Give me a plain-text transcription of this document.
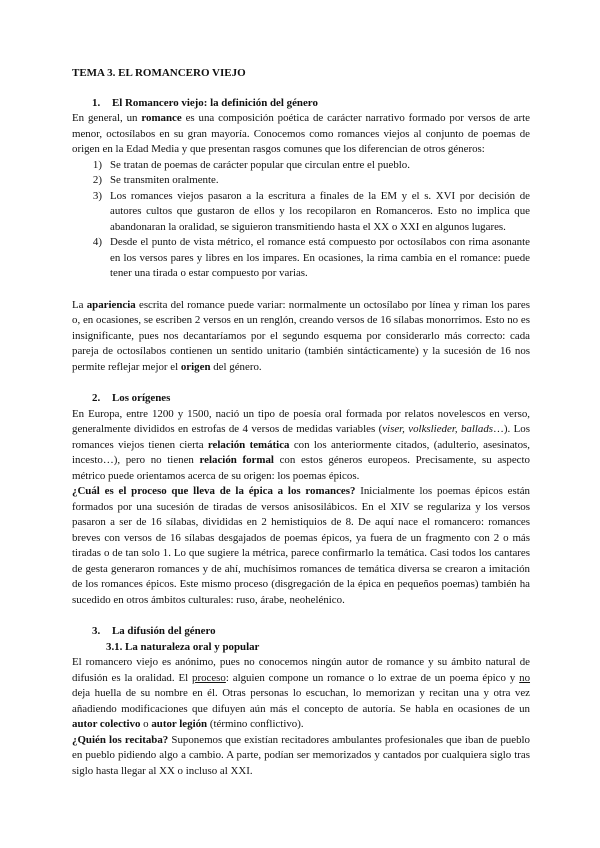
TEMA 3. EL ROMANCERO VIEJO
1. El Romancero viejo: la definición del género

En general, un romance es una composición poética de carácter narrativo formado por versos de arte menor, octosílabos en su gran mayoría. Conocemos como romances viejos al conjunto de poemas de origen en la Edad Media y que presentan rasgos comunes que los diferencian de otros géneros:

1) Se tratan de poemas de carácter popular que circulan entre el pueblo.
2) Se transmiten oralmente.
3) Los romances viejos pasaron a la escritura a finales de la EM y el s. XVI por decisión de autores cultos que gustaron de ellos y los recopilaron en Romanceros. Esto no implica que abandonaran la oralidad, se siguieron transmitiendo hasta el XX o XXI en algunos lugares.
4) Desde el punto de vista métrico, el romance está compuesto por octosílabos con rima asonante en los versos pares y libres en los impares. En ocasiones, la rima cambia en el romance: puede tener una tirada o estar compuesto por varias.

La apariencia escrita del romance puede variar: normalmente un octosílabo por línea y riman los pares o, en ocasiones, se escriben 2 versos en un renglón, creando versos de 16 sílabas monorrimos. Esto no es insignificante, pues nos decantaríamos por el segundo esquema por considerarlo más correcto: cada pareja de octosílabos contienen un sentido unitario (también sintácticamente) y la sucesión de 16 nos permite reflejar mejor el origen del género.

2. Los orígenes

En Europa, entre 1200 y 1500, nació un tipo de poesía oral formada por relatos novelescos en verso, generalmente divididos en estrofas de 4 versos de medidas variables (viser, volkslieder, ballads…). Los romances viejos tienen cierta relación temática con los anteriormente citados, (adulterio, asesinatos, incesto…), pero no tienen relación formal con estos géneros europeos. Precisamente, su aspecto métrico puede orientamos acerca de su origen: los poemas épicos.

¿Cuál es el proceso que lleva de la épica a los romances? Inicialmente los poemas épicos están formados por una sucesión de tiradas de versos anisosilábicos. En el XIV se regulariza y los versos pasaron a ser de 16 sílabas, divididas en 2 hemistiquios de 8. De aquí nace el romancero: romances breves con versos de 16 sílabas desgajados de poemas épicos, ya fuera de un fragmento con 2 o más tiradas o de tan solo 1. Lo que sugiere la métrica, parece confirmarlo la temática. Casi todos los cantares de gesta generaron romances y de ahí, muchísimos romances de temática diversa se crearon a imitación de los romances épicos. Este mismo proceso (disgregación de la épica en pequeños poemas) también ha sucedido en otros ámbitos culturales: ruso, árabe, neohelénico.

3. La difusión del género
3.1. La naturaleza oral y popular

El romancero viejo es anónimo, pues no conocemos ningún autor de romance y su ámbito natural de difusión es la oralidad. El proceso: alguien compone un romance o lo extrae de un poema épico y no deja huella de su nombre en él. Otras personas lo escuchan, lo memorizan y recitan una y otra vez añadiendo modificaciones que difuyen aún más el concepto de autoría. Se habla en ocasiones de un autor colectivo o autor legión (término conflictivo).

¿Quién los recitaba? Suponemos que existían recitadores ambulantes profesionales que iban de pueblo en pueblo pidiendo algo a cambio. A parte, podían ser memorizados y cantados por cualquiera siglo tras siglo hasta llegar al XX o incluso al XXI.
